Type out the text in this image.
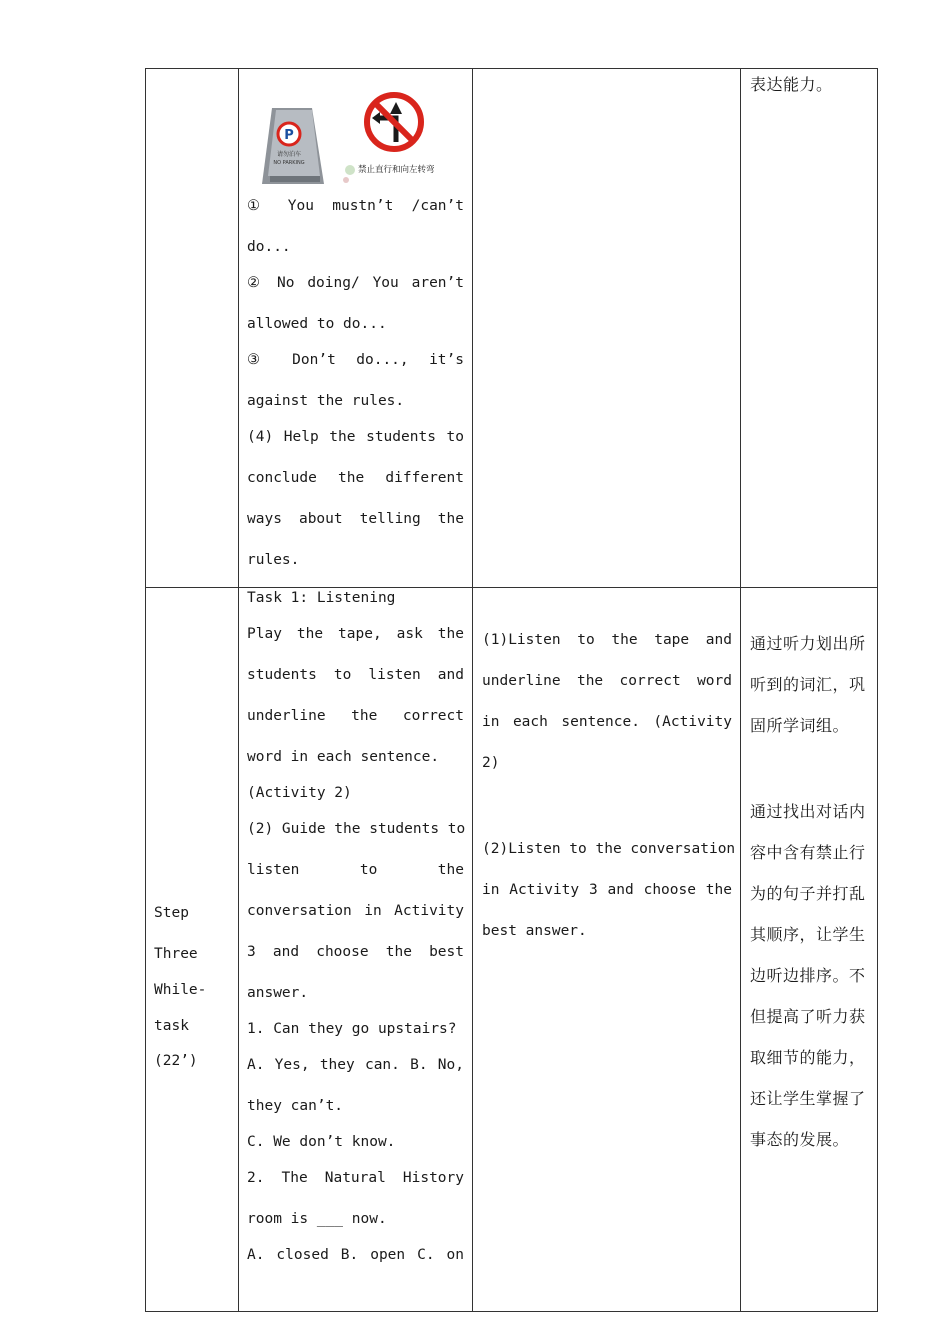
P
请勿泊车
NO PARKING
禁止直行和向左转弯
① You mustn’t /can’t
do...
② No doing/ You aren’t
allowed to do...
③ Don’t do..., it’s
against the rules.
(4) Help the students to
conclude the different
ways about telling the
rules.
表达能力。
Step
Three
While-
task
(22’)
Task 1: Listening
Play the tape, ask the
students to listen and
underline the correct
word in each sentence.
(Activity 2)
(2) Guide the students to
listen to the
conversation in Activity
3 and choose the best
answer.
1. Can they go upstairs?
A. Yes, they can. B. No,
they can’t.
C. We don’t know.
2. The Natural History
room is ___ now.
A. closed B. open C. on
(1)Listen to the tape and
underline the correct word
in each sentence. (Activity
2)
(2)Listen to the conversation
in Activity 3 and choose the
best answer.
通过听力划出所
听到的词汇，巩
固所学词组。
通过找出对话内
容中含有禁止行
为的句子并打乱
其顺序，让学生
边听边排序。不
但提高了听力获
取细节的能力，
还让学生掌握了
事态的发展。
